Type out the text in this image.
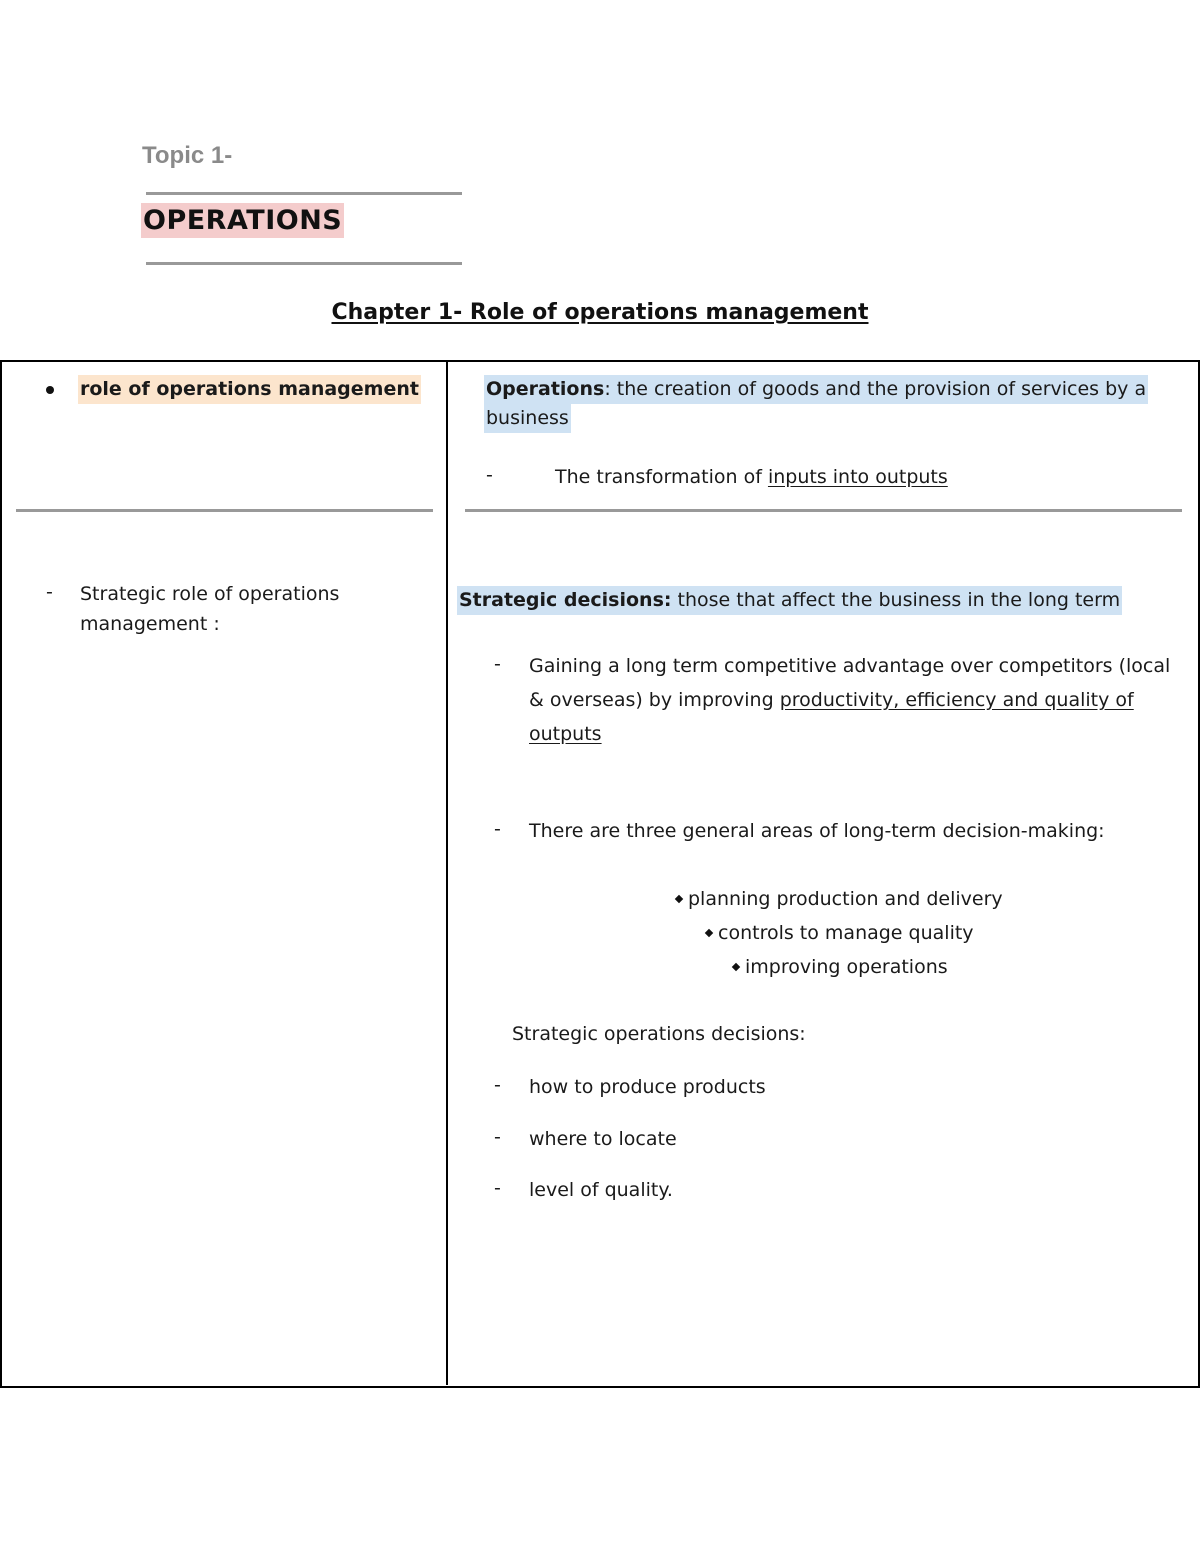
Topic 1-
OPERATIONS
Chapter 1- Role of operations management
role of operations management
- Strategic role of operations
management :
Operations: the creation of goods and the provision of services by a
business
-	The transformation of inputs into outputs
Strategic decisions: those that affect the business in the long term
- Gaining a long term competitive advantage over competitors (local
& overseas) by improving productivity, efficiency and quality of
outputs
- There are three general areas of long-term decision-making:
planning production and delivery
controls to manage quality
improving operations
Strategic operations decisions:
- how to produce products
- where to locate
- level of quality.
